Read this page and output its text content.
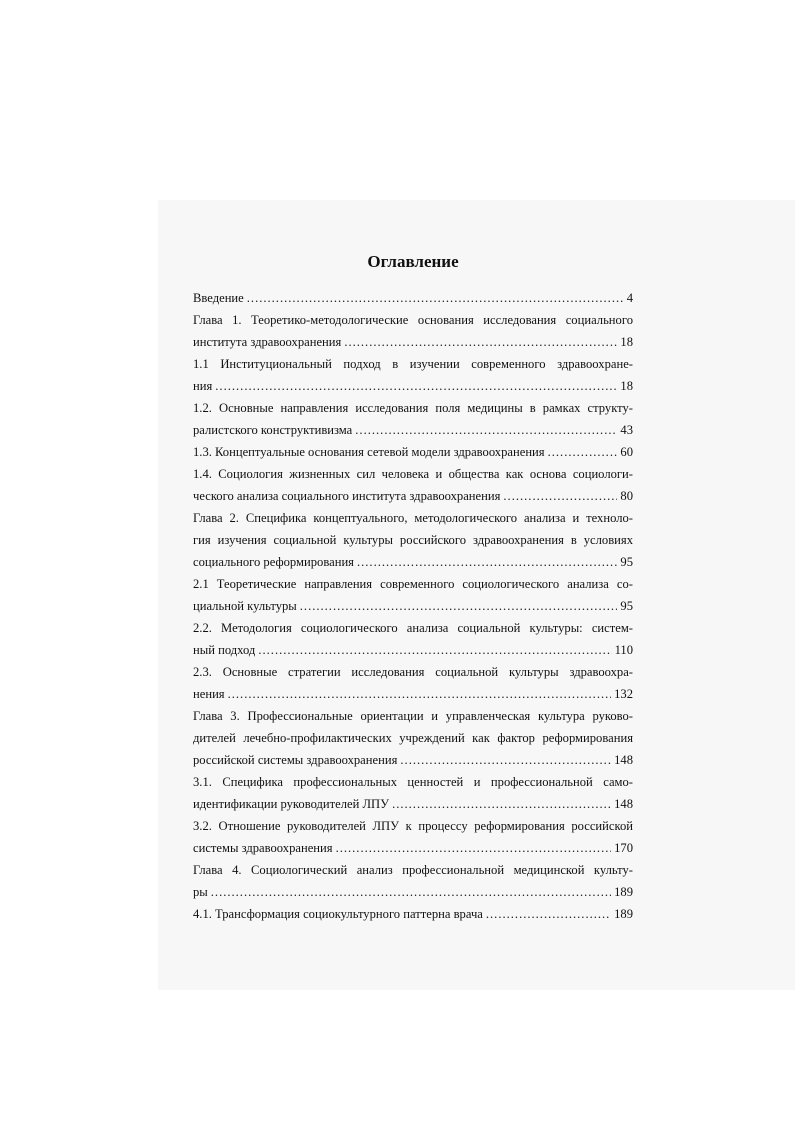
Оглавление
Введение .....	4
Глава 1. Теоретико-методологические основания исследования социального
института здравоохранения .....	18
1.1 Институциональный подход в изучении современного здравоохране-
ния .....	18
1.2. Основные направления исследования поля медицины в рамках структу-
ралистского конструктивизма .....	43
1.3. Концептуальные основания сетевой модели здравоохранения .....	60
1.4. Социология жизненных сил человека и общества как основа социологи-
ческого анализа социального института здравоохранения .....	80
Глава 2. Специфика концептуального, методологического анализа и техноло-
гия изучения социальной культуры российского здравоохранения в условиях
социального реформирования .....	95
2.1 Теоретические направления современного социологического анализа со-
циальной культуры .....	95
2.2. Методология социологического анализа социальной культуры: систем-
ный подход .....	110
2.3. Основные стратегии исследования социальной культуры здравоохра-
нения .....	132
Глава 3. Профессиональные ориентации и управленческая культура руково-
дителей лечебно-профилактических учреждений как фактор реформирования
российской системы здравоохранения .....	148
3.1. Специфика профессиональных ценностей и профессиональной само-
идентификации руководителей ЛПУ .....	148
3.2. Отношение руководителей ЛПУ к процессу реформирования российской
системы здравоохранения .....	170
Глава 4. Социологический анализ профессиональной медицинской культу-
ры .....	189
4.1. Трансформация социокультурного паттерна врача .....	189
